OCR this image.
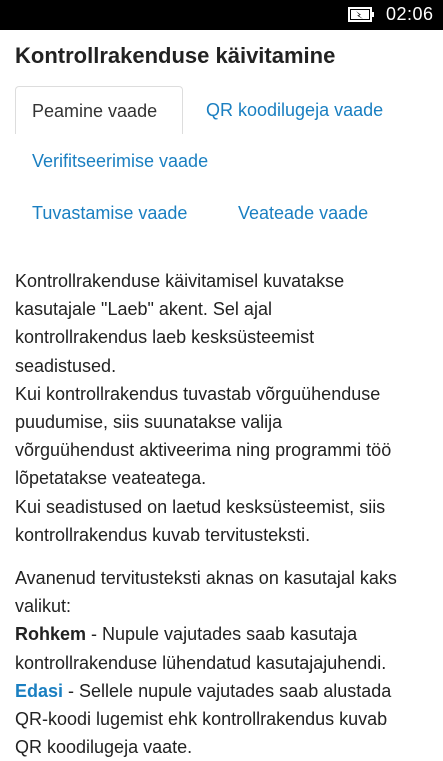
02:06
Kontrollrakenduse käivitamine
Peamine vaade	QR koodilugeja vaade
Verifitseerimise vaade
Tuvastamise vaade	Veateade vaade

Kontrollrakenduse käivitamisel kuvatakse
kasutajale "Laeb" akent. Sel ajal
kontrollrakendus laeb kesksüsteemist
seadistused.
Kui kontrollrakendus tuvastab võrguühenduse
puudumise, siis suunatakse valija
võrguühendust aktiveerima ning programmi töö
lõpetatakse veateatega.
Kui seadistused on laetud kesksüsteemist, siis
kontrollrakendus kuvab tervitusteksti.

Avanenud tervitusteksti aknas on kasutajal kaks
valikut:
Rohkem - Nupule vajutades saab kasutaja
kontrollrakenduse lühendatud kasutajajuhendi.
Edasi - Sellele nupule vajutades saab alustada
QR-koodi lugemist ehk kontrollrakendus kuvab
QR koodilugeja vaate.
